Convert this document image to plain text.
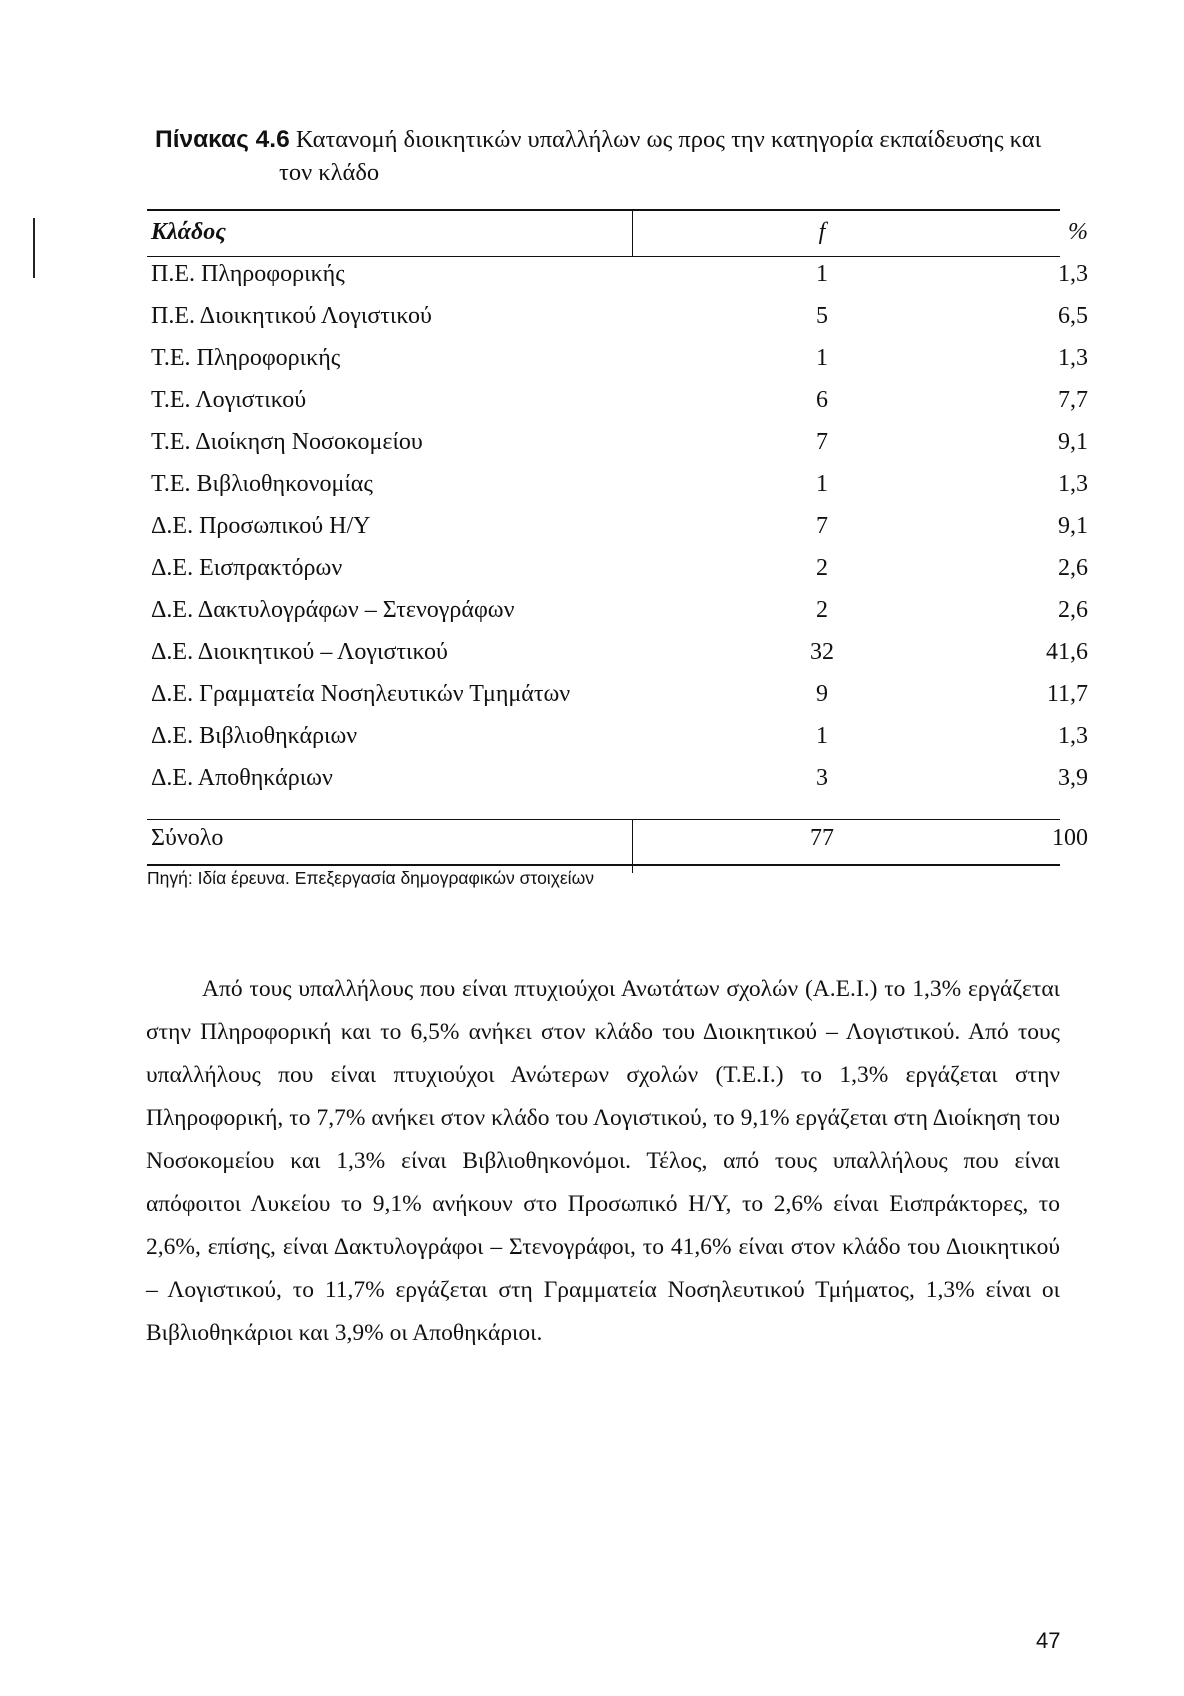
Πίνακας 4.6 Κατανομή διοικητικών υπαλλήλων ως προς την κατηγορία εκπαίδευσης και
τον κλάδο
Κλάδος	f	%
Π.Ε. Πληροφορικής	1	1,3
Π.Ε. Διοικητικού Λογιστικού	5	6,5
Τ.Ε. Πληροφορικής	1	1,3
Τ.Ε. Λογιστικού	6	7,7
Τ.Ε. Διοίκηση Νοσοκομείου	7	9,1
Τ.Ε. Βιβλιοθηκονομίας	1	1,3
Δ.Ε. Προσωπικού Η/Υ	7	9,1
Δ.Ε. Εισπρακτόρων	2	2,6
Δ.Ε. Δακτυλογράφων – Στενογράφων	2	2,6
Δ.Ε. Διοικητικού – Λογιστικού	32	41,6
Δ.Ε. Γραμματεία Νοσηλευτικών Τμημάτων	9	11,7
Δ.Ε. Βιβλιοθηκάριων	1	1,3
Δ.Ε. Αποθηκάριων	3	3,9
Σύνολο	77	100
Πηγή: Ιδία έρευνα. Επεξεργασία δημογραφικών στοιχείων
Από τους υπαλλήλους που είναι πτυχιούχοι Ανωτάτων σχολών (Α.Ε.Ι.) το 1,3% εργάζεται στην Πληροφορική και το 6,5% ανήκει στον κλάδο του Διοικητικού – Λογιστικού. Από τους υπαλλήλους που είναι πτυχιούχοι Ανώτερων σχολών (Τ.Ε.Ι.) το 1,3% εργάζεται στην Πληροφορική, το 7,7% ανήκει στον κλάδο του Λογιστικού, το 9,1% εργάζεται στη Διοίκηση του Νοσοκομείου και 1,3% είναι Βιβλιοθηκονόμοι. Τέλος, από τους υπαλλήλους που είναι απόφοιτοι Λυκείου το 9,1% ανήκουν στο Προσωπικό Η/Υ, το 2,6% είναι Εισπράκτορες, το 2,6%, επίσης, είναι Δακτυλογράφοι – Στενογράφοι, το 41,6% είναι στον κλάδο του Διοικητικού – Λογιστικού, το 11,7% εργάζεται στη Γραμματεία Νοσηλευτικού Τμήματος, 1,3% είναι οι Βιβλιοθηκάριοι και 3,9% οι Αποθηκάριοι.
47
